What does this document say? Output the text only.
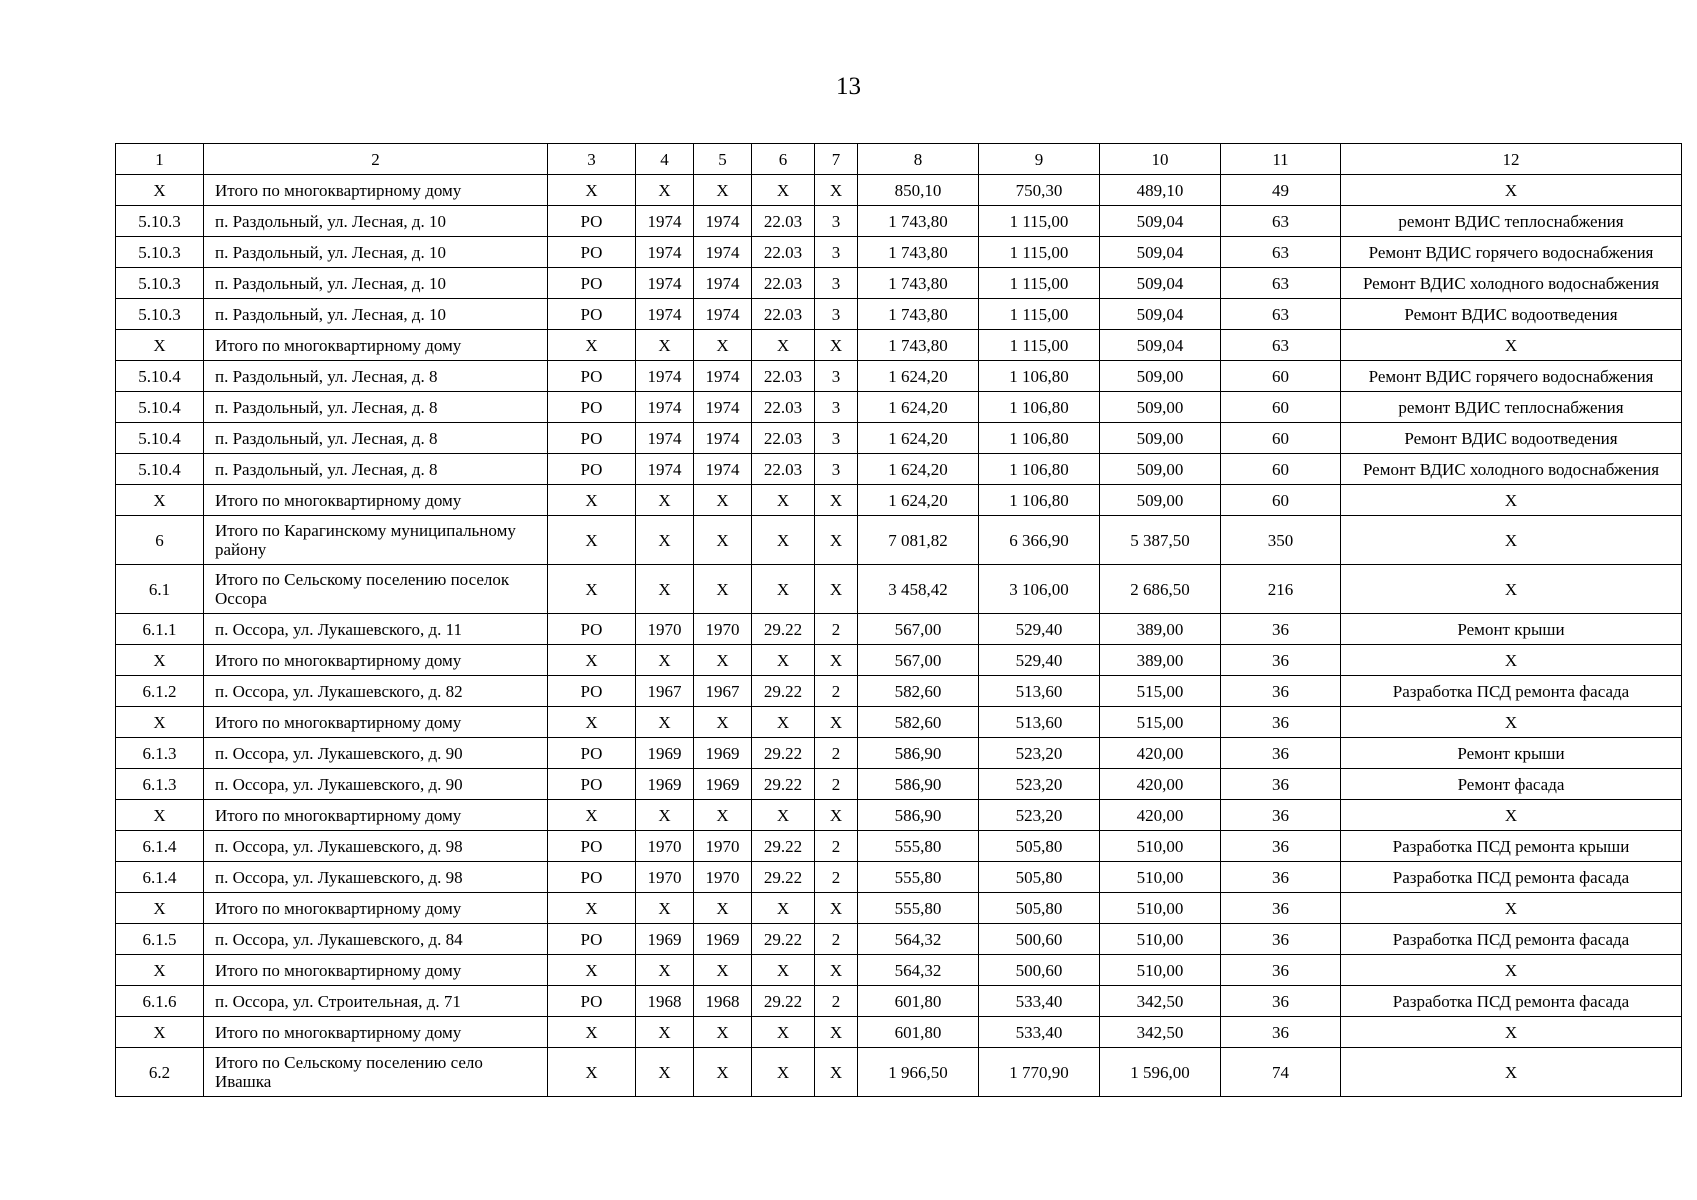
13
1	2	3	4	5	6	7	8	9	10	11	12
Х	Итого по многоквартирному дому	Х	Х	Х	Х	Х	850,10	750,30	489,10	49	Х
5.10.3	п. Раздольный, ул. Лесная, д. 10	РО	1974	1974	22.03	3	1 743,80	1 115,00	509,04	63	ремонт ВДИС теплоснабжения
5.10.3	п. Раздольный, ул. Лесная, д. 10	РО	1974	1974	22.03	3	1 743,80	1 115,00	509,04	63	Ремонт ВДИС горячего водоснабжения
5.10.3	п. Раздольный, ул. Лесная, д. 10	РО	1974	1974	22.03	3	1 743,80	1 115,00	509,04	63	Ремонт ВДИС холодного водоснабжения
5.10.3	п. Раздольный, ул. Лесная, д. 10	РО	1974	1974	22.03	3	1 743,80	1 115,00	509,04	63	Ремонт ВДИС водоотведения
Х	Итого по многоквартирному дому	Х	Х	Х	Х	Х	1 743,80	1 115,00	509,04	63	Х
5.10.4	п. Раздольный, ул. Лесная, д. 8	РО	1974	1974	22.03	3	1 624,20	1 106,80	509,00	60	Ремонт ВДИС горячего водоснабжения
5.10.4	п. Раздольный, ул. Лесная, д. 8	РО	1974	1974	22.03	3	1 624,20	1 106,80	509,00	60	ремонт ВДИС теплоснабжения
5.10.4	п. Раздольный, ул. Лесная, д. 8	РО	1974	1974	22.03	3	1 624,20	1 106,80	509,00	60	Ремонт ВДИС водоотведения
5.10.4	п. Раздольный, ул. Лесная, д. 8	РО	1974	1974	22.03	3	1 624,20	1 106,80	509,00	60	Ремонт ВДИС холодного водоснабжения
Х	Итого по многоквартирному дому	Х	Х	Х	Х	Х	1 624,20	1 106,80	509,00	60	Х
6	Итого по Карагинскому муниципальному району	Х	Х	Х	Х	Х	7 081,82	6 366,90	5 387,50	350	Х
6.1	Итого по Сельскому поселению поселок Оссора	Х	Х	Х	Х	Х	3 458,42	3 106,00	2 686,50	216	Х
6.1.1	п. Оссора, ул. Лукашевского, д. 11	РО	1970	1970	29.22	2	567,00	529,40	389,00	36	Ремонт крыши
Х	Итого по многоквартирному дому	Х	Х	Х	Х	Х	567,00	529,40	389,00	36	Х
6.1.2	п. Оссора, ул. Лукашевского, д. 82	РО	1967	1967	29.22	2	582,60	513,60	515,00	36	Разработка ПСД ремонта фасада
Х	Итого по многоквартирному дому	Х	Х	Х	Х	Х	582,60	513,60	515,00	36	Х
6.1.3	п. Оссора, ул. Лукашевского, д. 90	РО	1969	1969	29.22	2	586,90	523,20	420,00	36	Ремонт крыши
6.1.3	п. Оссора, ул. Лукашевского, д. 90	РО	1969	1969	29.22	2	586,90	523,20	420,00	36	Ремонт фасада
Х	Итого по многоквартирному дому	Х	Х	Х	Х	Х	586,90	523,20	420,00	36	Х
6.1.4	п. Оссора, ул. Лукашевского, д. 98	РО	1970	1970	29.22	2	555,80	505,80	510,00	36	Разработка ПСД ремонта крыши
6.1.4	п. Оссора, ул. Лукашевского, д. 98	РО	1970	1970	29.22	2	555,80	505,80	510,00	36	Разработка ПСД ремонта фасада
Х	Итого по многоквартирному дому	Х	Х	Х	Х	Х	555,80	505,80	510,00	36	Х
6.1.5	п. Оссора, ул. Лукашевского, д. 84	РО	1969	1969	29.22	2	564,32	500,60	510,00	36	Разработка ПСД ремонта фасада
Х	Итого по многоквартирному дому	Х	Х	Х	Х	Х	564,32	500,60	510,00	36	Х
6.1.6	п. Оссора, ул. Строительная, д. 71	РО	1968	1968	29.22	2	601,80	533,40	342,50	36	Разработка ПСД ремонта фасада
Х	Итого по многоквартирному дому	Х	Х	Х	Х	Х	601,80	533,40	342,50	36	Х
6.2	Итого по Сельскому поселению село Ивашка	Х	Х	Х	Х	Х	1 966,50	1 770,90	1 596,00	74	Х
